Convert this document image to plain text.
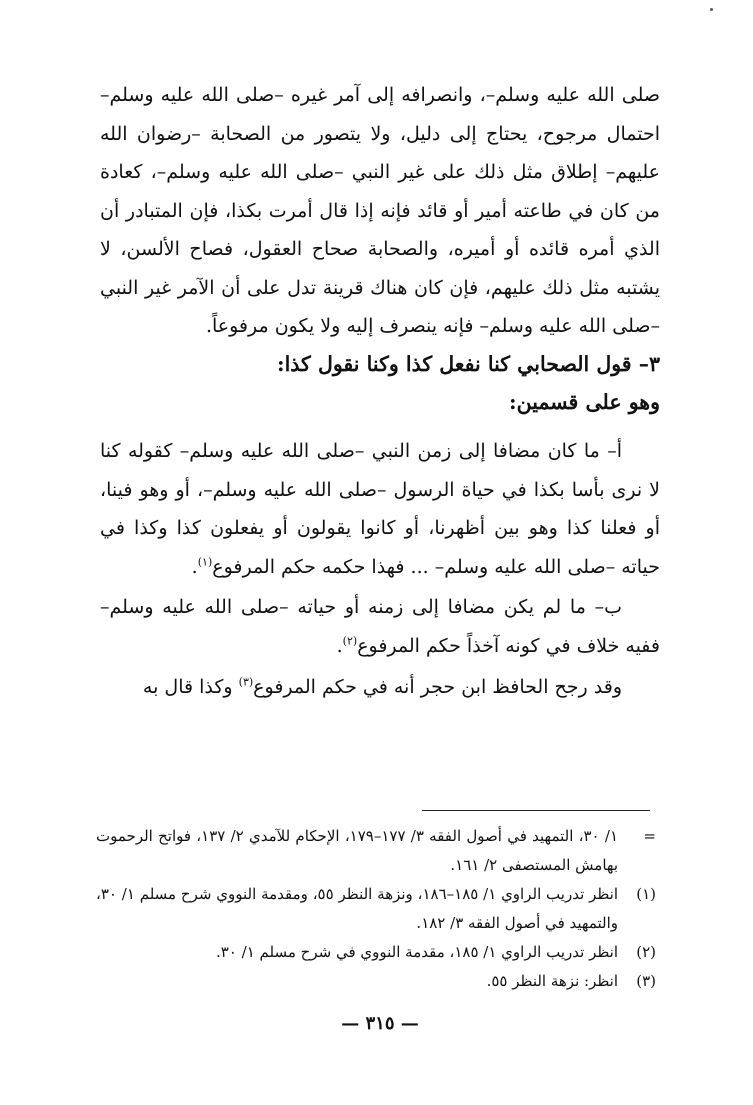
صلى الله عليه وسلم–، وانصرافه إلى آمر غيره –صلى الله عليه وسلم– احتمال مرجوح، يحتاج إلى دليل، ولا يتصور من الصحابة –رضوان الله عليهم– إطلاق مثل ذلك على غير النبي –صلى الله عليه وسلم–، كعادة من كان في طاعته أمير أو قائد فإنه إذا قال أمرت بكذا، فإن المتبادر أن الذي أمره قائده أو أميره، والصحابة صحاح العقول، فصاح الألسن، لا يشتبه مثل ذلك عليهم، فإن كان هناك قرينة تدل على أن الآمر غير النبي –صلى الله عليه وسلم– فإنه ينصرف إليه ولا يكون مرفوعاً.

٣– قول الصحابي كنا نفعل كذا وكنا نقول كذا:

وهو على قسمين:

أ– ما كان مضافا إلى زمن النبي –صلى الله عليه وسلم– كقوله كنا لا نرى بأسا بكذا في حياة الرسول –صلى الله عليه وسلم–، أو وهو فينا، أو فعلنا كذا وهو بين أظهرنا، أو كانوا يقولون أو يفعلون كذا وكذا في حياته –صلى الله عليه وسلم– ... فهذا حكمه حكم المرفوع$^{(١)}$.

ب– ما لم يكن مضافا إلى زمنه أو حياته –صلى الله عليه وسلم– ففيه خلاف في كونه آخذاً حكم المرفوع$^{(٢)}$.

وقد رجح الحافظ ابن حجر أنه في حكم المرفوع$^{(٣)}$ وكذا قال به

=
١/ ٣٠، التمهيد في أصول الفقه ٣/ ١٧٧–١٧٩، الإحكام للآمدي ٢/ ١٣٧، فواتح الرحموت بهامش المستصفى ٢/ ١٦١.
(١)
انظر تدريب الراوي ١/ ١٨٥–١٨٦، ونزهة النظر ٥٥، ومقدمة النووي شرح مسلم ١/ ٣٠، والتمهيد في أصول الفقه ٣/ ١٨٢.
(٢)
انظر تدريب الراوي ١/ ١٨٥، مقدمة النووي في شرح مسلم ١/ ٣٠.
(٣)
انظر: نزهة النظر ٥٥.
— ٣١٥ —
